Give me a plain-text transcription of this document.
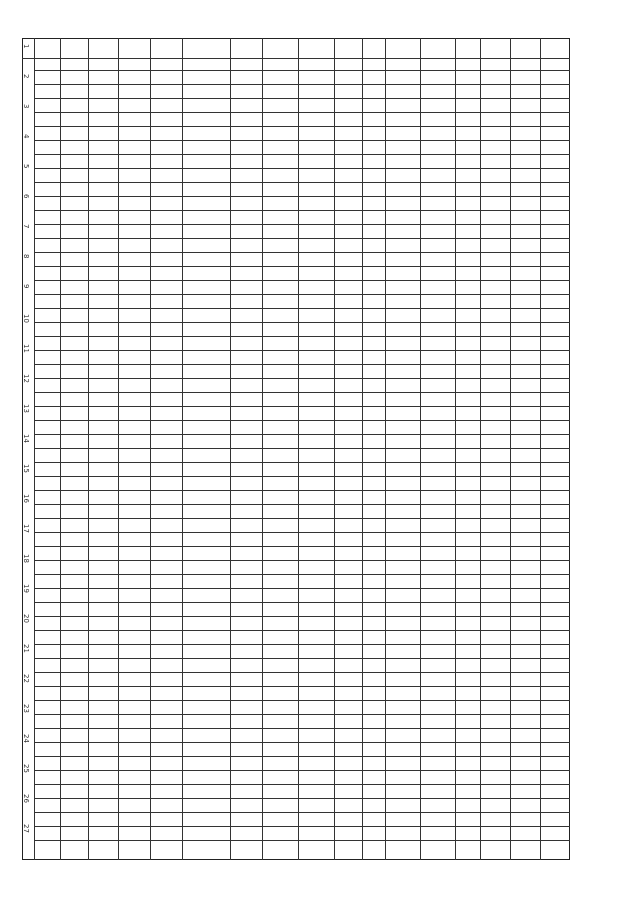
1
2
3
4
5
6
7
8
9
10
11
12
13
14
15
16
17
18
19
20
21
22
23
24
25
26
27
